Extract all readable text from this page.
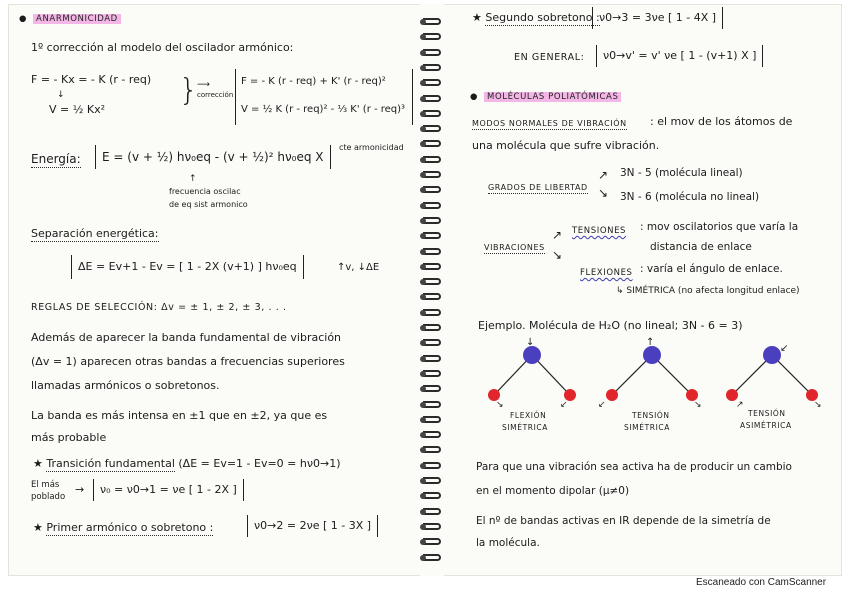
● ANARMONICIDAD
1º corrección al modelo del oscilador armónico:
F = - Kx = - K (r - req)
↓
V = ½ Kx²
}
corrección
⟶	F = - K (r - req) + K' (r - req)²
V = ½ K (r - req)² - ⅓ K' (r - req)³
Energía:	E = (v + ½) hν₀eq - (v + ½)² hν₀eq X
cte armonicidad
↑
frecuencia oscilac
de eq sist armonico
Separación energética:
ΔE = Ev+1 - Ev = [ 1 - 2X (v+1) ] hν₀eq	↑v, ↓ΔE
REGLAS DE SELECCIÓN: Δv = ± 1, ± 2, ± 3, . . .
Además de aparecer la banda fundamental de vibración
(Δv = 1) aparecen otras bandas a frecuencias superiores
llamadas armónicos o sobretonos.
La banda es más intensa en ±1 que en ±2, ya que es
más probable
★ Transición fundamental (ΔE = Ev=1 - Ev=0 = hν0→1)
El más
poblado
→	ν₀ = ν0→1 = νe [ 1 - 2X ]
★ Primer armónico o sobretono :	ν0→2 = 2νe [ 1 - 3X ]
★ Segundo sobretono : ν0→3 = 3νe [ 1 - 4X ]
EN GENERAL:	ν0→v' = v' νe [ 1 - (v+1) X ]
● MOLÉCULAS POLIATÓMICAS
MODOS NORMALES DE VIBRACIÓN : el mov de los átomos de
una molécula que sufre vibración.
GRADOS DE LIBERTAD
↗
↘
3N - 5 (molécula lineal)
3N - 6 (molécula no lineal)
VIBRACIONES
↗
↘
TENSIONES : mov oscilatorios que varía la
distancia de enlace
FLEXIONES : varía el ángulo de enlace.
↳ SIMÉTRICA (no afecta longitud enlace)
Ejemplo. Molécula de H₂O (no lineal; 3N - 6 = 3)
↓
↘	↙
↑
↙	↘
↙
↗	↘
FLEXIÓN
SIMÉTRICA
TENSIÓN
SIMÉTRICA
TENSIÓN
ASIMÉTRICA
Para que una vibración sea activa ha de producir un cambio
en el momento dipolar (μ≠0)
El nº de bandas activas en IR depende de la simetría de
la molécula.
Escaneado con CamScanner
